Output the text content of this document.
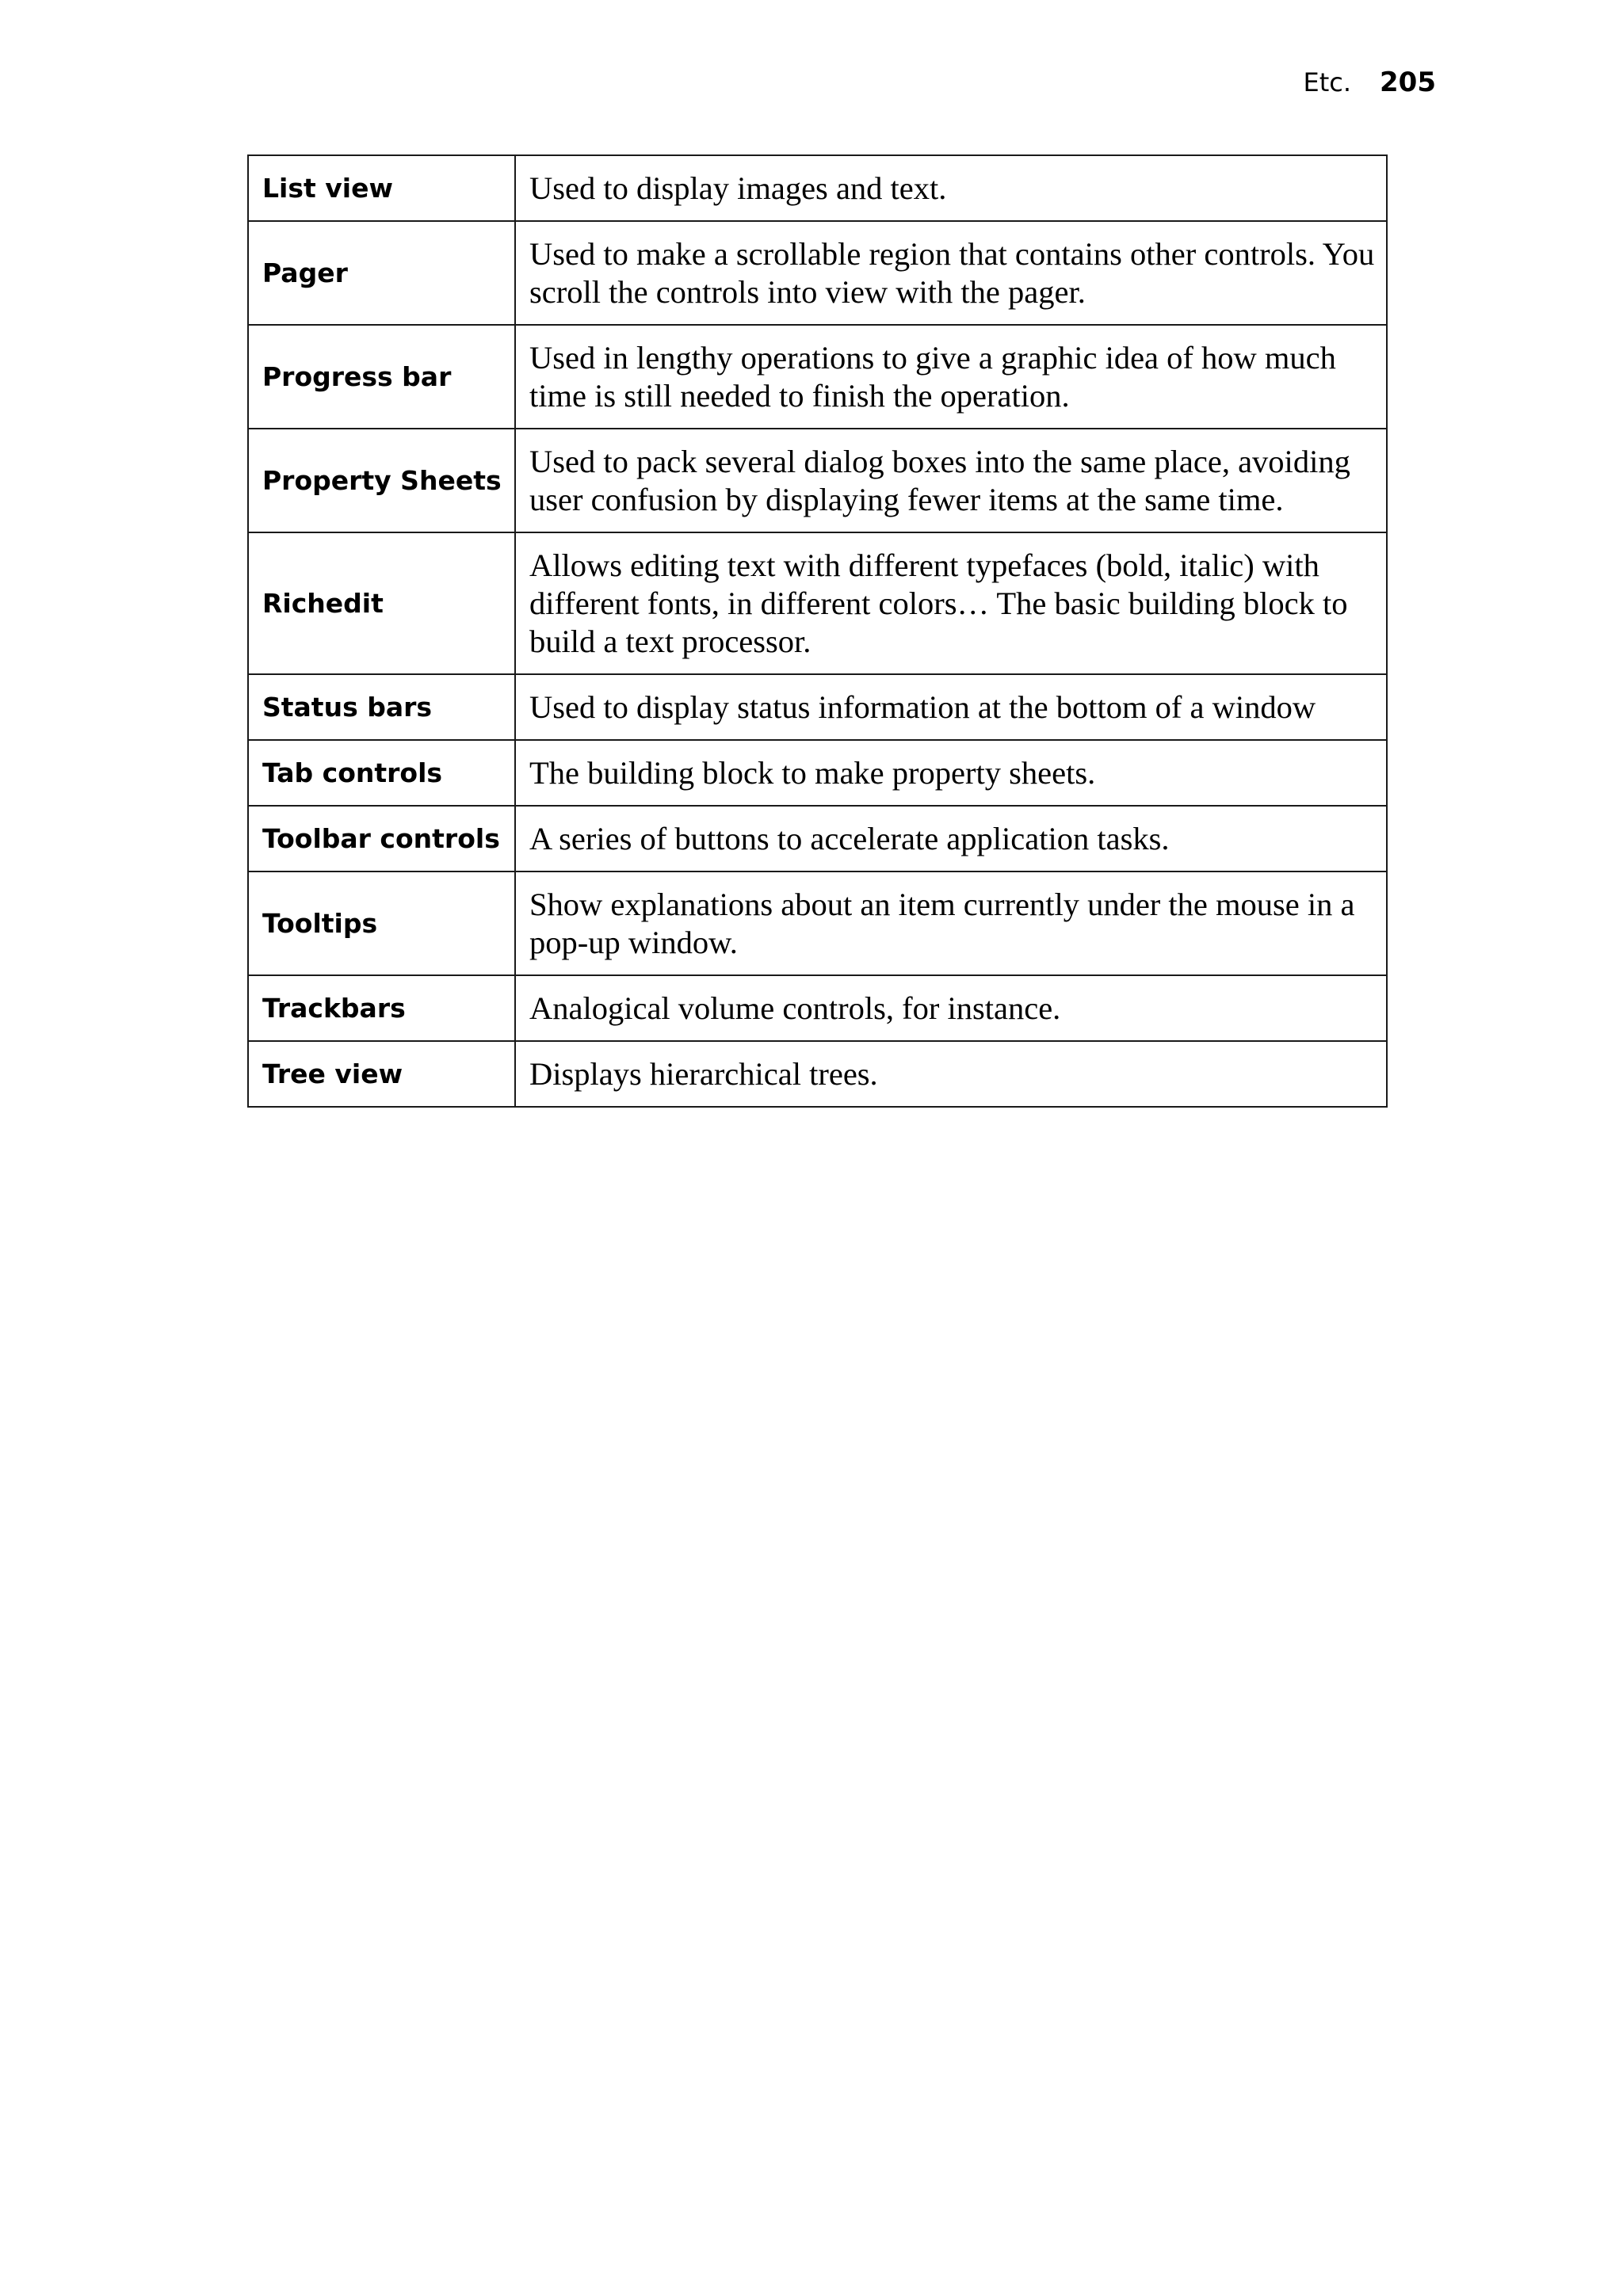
Etc. 205
List view	Used to display images and text.
Pager	Used to make a scrollable region that contains other controls. You scroll the controls into view with the pager.
Progress bar	Used in lengthy operations to give a graphic idea of how much time is still needed to finish the operation.
Property Sheets	Used to pack several dialog boxes into the same place, avoiding user confusion by displaying fewer items at the same time.
Richedit	Allows editing text with different typefaces (bold, italic) with different fonts, in different colors… The basic building block to build a text processor.
Status bars	Used to display status information at the bottom of a window
Tab controls	The building block to make property sheets.
Toolbar controls	A series of buttons to accelerate application tasks.
Tooltips	Show explanations about an item currently under the mouse in a pop-up window.
Trackbars	Analogical volume controls, for instance.
Tree view	Displays hierarchical trees.
